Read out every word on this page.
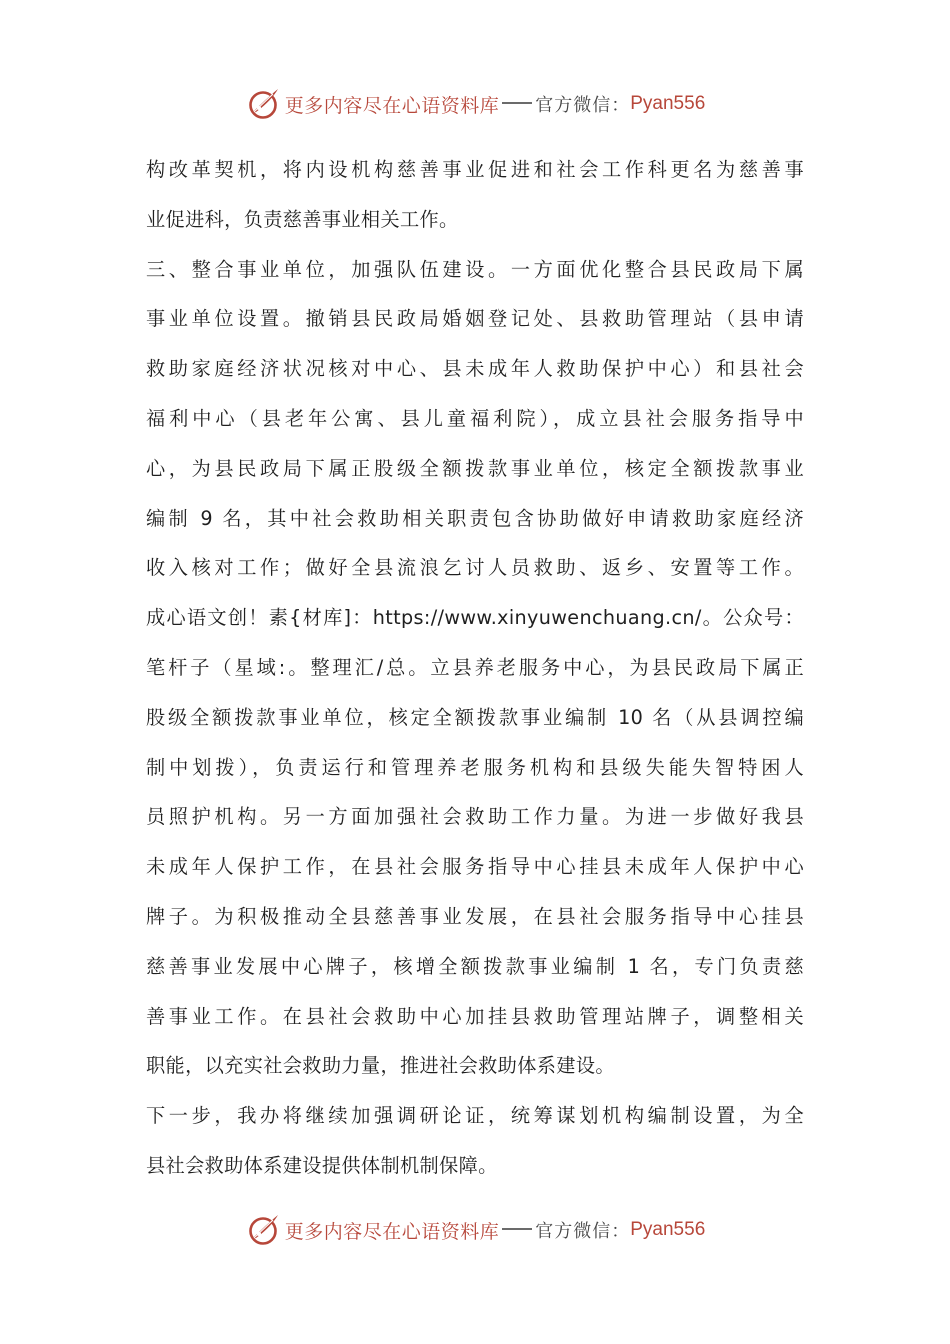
更多内容尽在心语资料库 官方微信： Pyan556
构改革契机，将内设机构慈善事业促进和社会工作科更名为慈善事
业促进科，负责慈善事业相关工作。
三、整合事业单位，加强队伍建设。一方面优化整合县民政局下属
事业单位设置。撤销县民政局婚姻登记处、县救助管理站（县申请
救助家庭经济状况核对中心、县未成年人救助保护中心）和县社会
福利中心（县老年公寓、县儿童福利院），成立县社会服务指导中
心，为县民政局下属正股级全额拨款事业单位，核定全额拨款事业
编制 9 名，其中社会救助相关职责包含协助做好申请救助家庭经济
收入核对工作；做好全县流浪乞讨人员救助、返乡、安置等工作。
成心语文创！素{材库]：https://www.xinyuwenchuang.cn/。公众号：
笔杆子（星域:。整理汇/总。立县养老服务中心，为县民政局下属正
股级全额拨款事业单位，核定全额拨款事业编制 10 名（从县调控编
制中划拨），负责运行和管理养老服务机构和县级失能失智特困人
员照护机构。另一方面加强社会救助工作力量。为进一步做好我县
未成年人保护工作，在县社会服务指导中心挂县未成年人保护中心
牌子。为积极推动全县慈善事业发展，在县社会服务指导中心挂县
慈善事业发展中心牌子，核增全额拨款事业编制 1 名，专门负责慈
善事业工作。在县社会救助中心加挂县救助管理站牌子，调整相关
职能，以充实社会救助力量，推进社会救助体系建设。
下一步，我办将继续加强调研论证，统筹谋划机构编制设置，为全
县社会救助体系建设提供体制机制保障。
更多内容尽在心语资料库 官方微信： Pyan556
